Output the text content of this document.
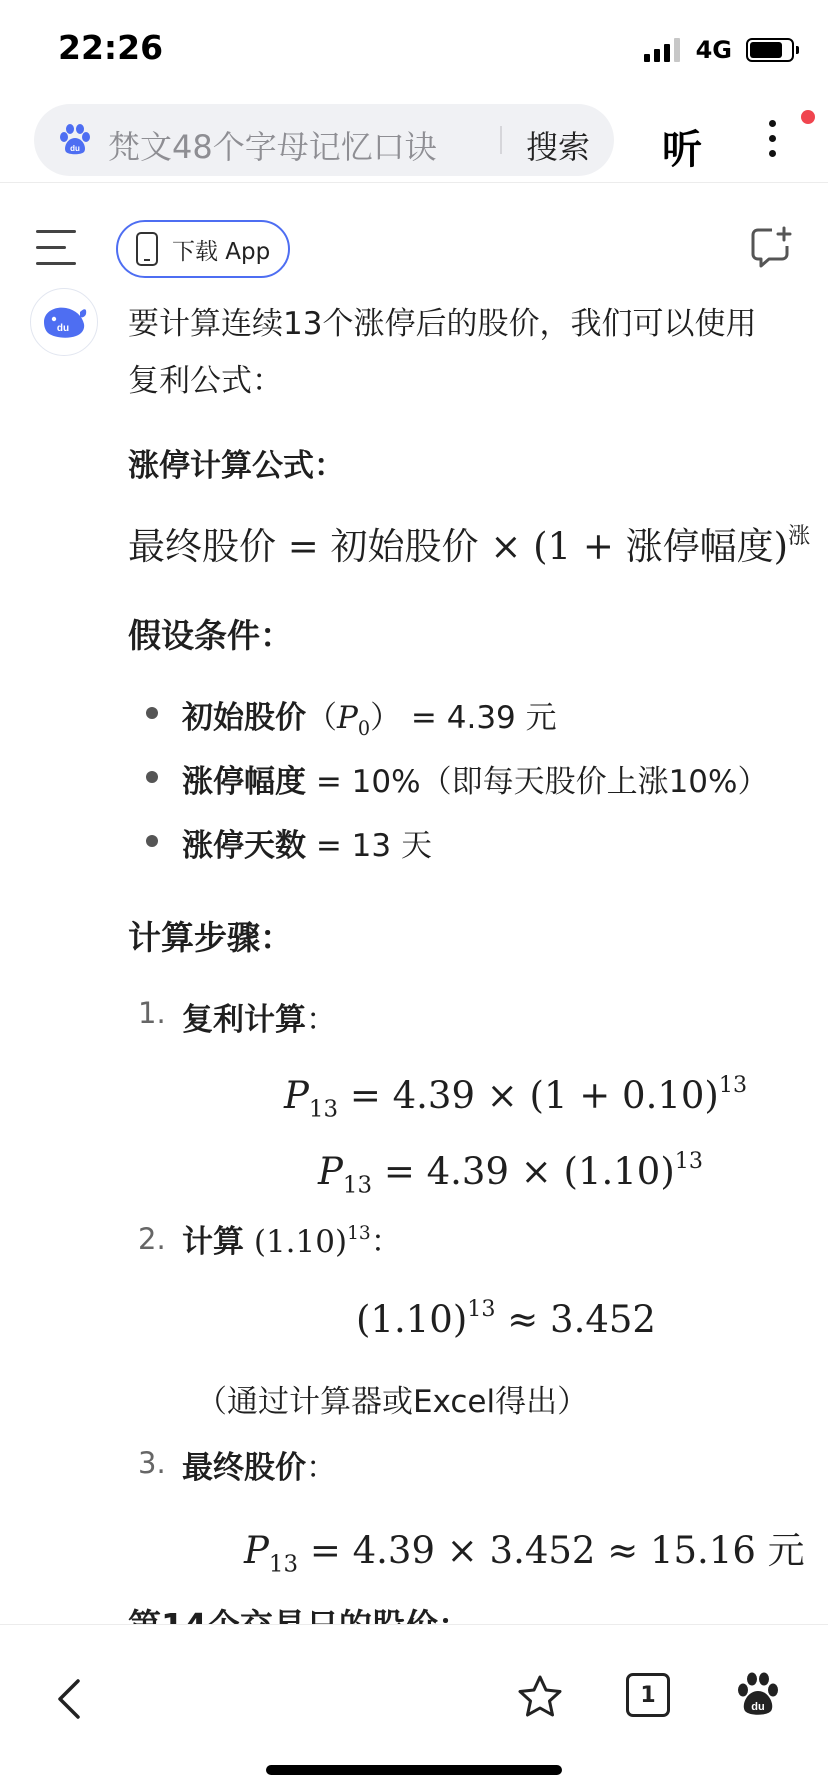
22:26	4G
du 梵文48个字母记忆口诀	搜索 听
下载 App
du 要计算连续13个涨停后的股价，我们可以使用
复利公式：
涨停计算公式：
最终股价 = 初始股价 × (1 + 涨停幅度)$^涨$
假设条件：
初始股价$(P_0) = 4.39$ 元
涨停幅度 = 10%（即每天股价上涨10%）
涨停天数 = 13 天
计算步骤：
1. 复利计算：
$P_{13} = 4.39 \times (1 + 0.10)^{13}$
$P_{13} = 4.39 \times (1.10)^{13}$
2. 计算 $(1.10)^{13}$：
$(1.10)^{13} \approx 3.452$
（通过计算器或Excel得出）
3. 最终股价：
$P_{13} = 4.39 \times 3.452 \approx 15.16$ 元
1	du
